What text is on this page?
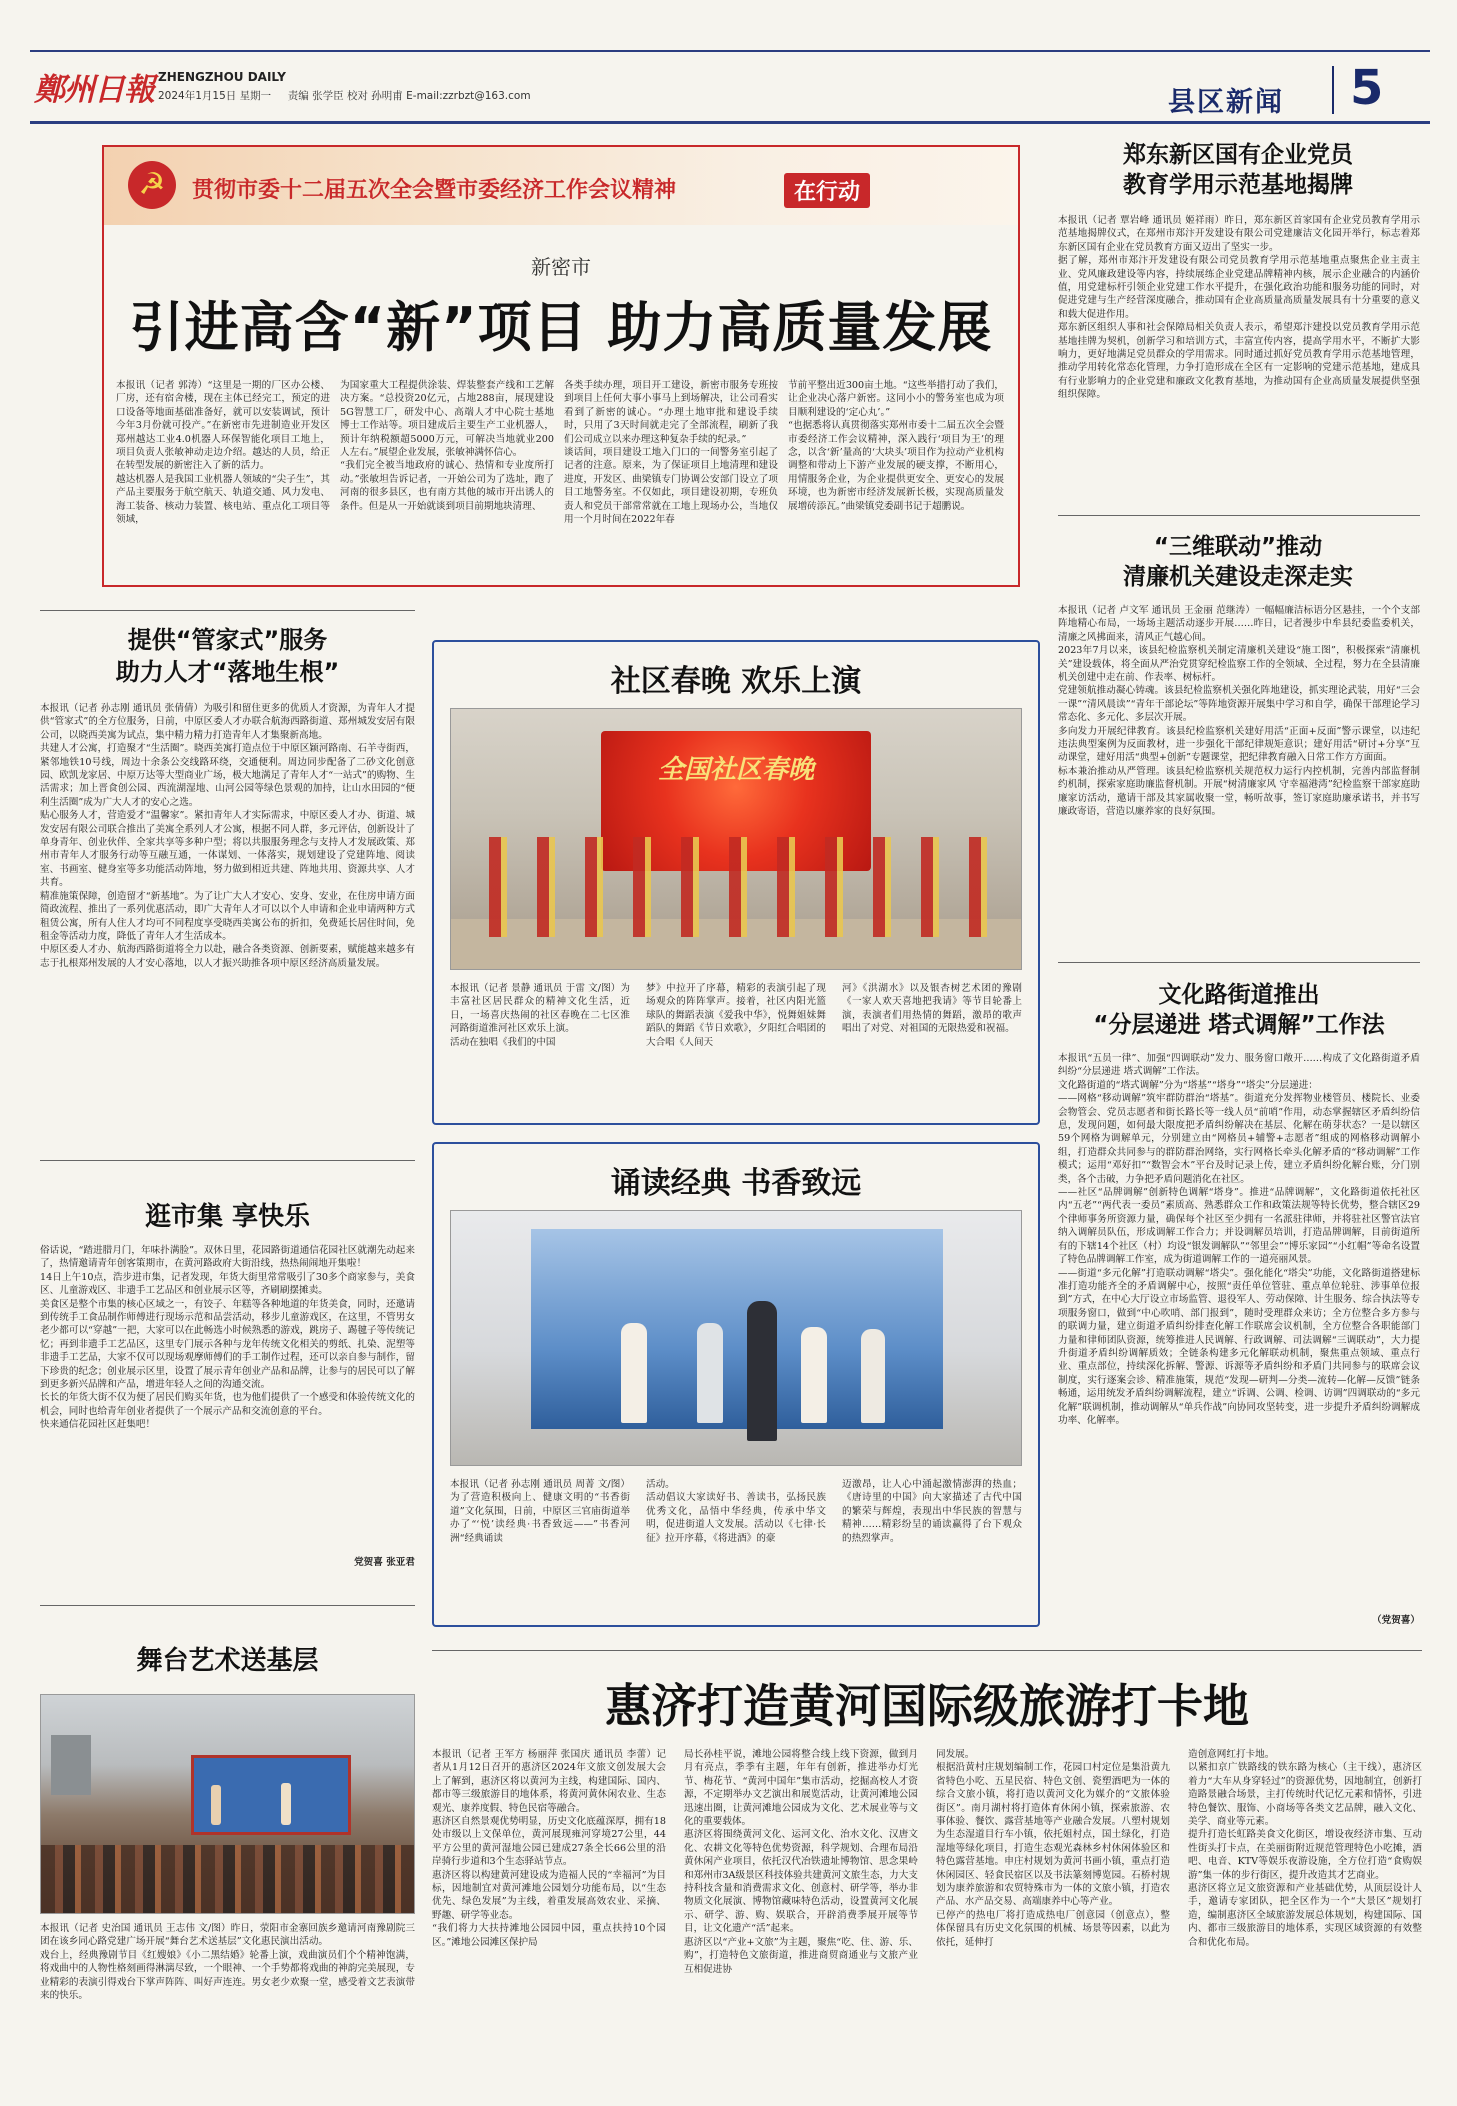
鄭州日報 ZHENGZHOU DAILY
2024年1月15日 星期一 责编 张学臣 校对 孙明甫 E-mail:zzrbzt@163.com	县区新闻 5
☭	贯彻市委十二届五次全会暨市委经济工作会议精神	在行动
新密市
引进高含“新”项目 助力高质量发展
本报讯（记者 郭涛）“这里是一期的厂区办公楼、厂房，还有宿舍楼，现在主体已经完工，预定的进口设备等地面基础准备好，就可以安装调试，预计今年3月份就可投产。”在新密市先进制造业开发区郑州越达工业4.0机器人环保智能化项目工地上，项目负责人张敏神动走边介绍。越达的人员，给正在转型发展的新密注入了新的活力。
越达机器人是我国工业机器人领域的“尖子生”，其产品主要服务于航空航天、轨道交通、风力发电、海工装备、核动力装置、核电站、重点化工项目等领域，
为国家重大工程提供涂装、焊装整套产线和工艺解决方案。“总投资20亿元，占地288亩，展现建设5G智慧工厂，研发中心、高端人才中心院士基地博士工作站等。项目建成后主要生产工业机器人，预计年纳税额超5000万元，可解决当地就业200人左右。”展望企业发展，张敏神满怀信心。
“我们完全被当地政府的诚心、热情和专业度所打动。”张敏坦告诉记者，一开始公司为了选址，跑了河南的很多县区，也有南方其他的城市开出诱人的条件。但是从一开始就谈到项目前期地块清理、
各类手续办理，项目开工建设，新密市服务专班按到项目上任何大事小事马上到场解决，让公司看实看到了新密的诚心。“办理土地审批和建设手续时，只用了3天时间就走完了全部流程，刷新了我们公司成立以来办理这种复杂手续的纪录。”
谈话间，项目建设工地入门口的一间警务室引起了记者的注意。原来，为了保证项目上地清理和建设进度，开发区、曲梁镇专门协调公安部门设立了项目工地警务室。不仅如此，项目建设初期，专班负责人和党员干部常常就在工地上现场办公，当地仅用一个月时间在2022年春
节前平整出近300亩土地。“这些举措打动了我们，让企业决心落户新密。这同小小的警务室也成为项目顺利建设的‘定心丸’。”
“也据悉将认真贯彻落实郑州市委十二届五次全会暨市委经济工作会议精神，深入践行‘项目为王’的理念，以含‘新’量高的‘大块头’项目作为拉动产业机构调整和带动上下游产业发展的硬支撑，不断用心，用情服务企业，为企业提供更安全、更安心的发展环境，也为新密市经济发展新长极，实现高质量发展增砖添瓦。”曲梁镇党委副书记于超鹏说。
郑东新区国有企业党员
教育学用示范基地揭牌
本报讯（记者 覃岩峰 通讯员 姬祥雨）昨日，郑东新区首家国有企业党员教育学用示范基地揭牌仪式，在郑州市郑汴开发建设有限公司党建廉洁文化园开举行，标志着郑东新区国有企业在党员教育方面又迈出了坚实一步。
据了解，郑州市郑汴开发建设有限公司党员教育学用示范基地重点聚焦企业主责主业、党风廉政建设等内容，持续展练企业党建品牌精神内核，展示企业融合的内涵价值，用党建标杆引领企业党建工作水平提升，在强化政治功能和服务功能的同时，对促进党建与生产经营深度融合，推动国有企业高质量高质量发展具有十分重要的意义和载大促进作用。
郑东新区组织人事和社会保障局相关负责人表示，希望郑汴建投以党员教育学用示范基地挂牌为契机，创新学习和培训方式，丰富宣传内容，提高学用水平，不断扩大影响力，更好地满足党员群众的学用需求。同时通过抓好党员教育学用示范基地管理，推动学用转化常态化管理，力争打造形成在全区有一定影响的党建示范基地，建成具有行业影响力的企业党建和廉政文化教育基地，为推动国有企业高质量发展提供坚强组织保障。
“三维联动”推动
清廉机关建设走深走实
本报讯（记者 卢文军 通讯员 王金丽 范继涛）一幅幅廉洁标语分区悬挂，一个个支部阵地精心布局，一场场主题活动逐步开展……昨日，记者漫步中牟县纪委监委机关，清廉之风拂面来，清风正气越心间。
2023年7月以来，该县纪检监察机关制定清廉机关建设“施工图”，积极探索“清廉机关”建设载体，将全面从严治党贯穿纪检监察工作的全领域、全过程，努力在全县清廉机关创建中走在前、作表率、树标杆。
党建领航推动凝心铸魂。该县纪检监察机关强化阵地建设，抓实理论武装，用好“三会一课”“清风晨读”“青年干部论坛”等阵地资源开展集中学习和自学，确保干部理论学习常态化、多元化、多层次开展。
多向发力开展纪律教育。该县纪检监察机关建好用活“正面+反面”警示课堂，以违纪违法典型案例为反面教材，进一步强化干部纪律规矩意识；建好用活“研讨+分享”互动课堂，建好用活“典型+创新”专题课堂，把纪律教育融入日常工作方方面面。
标本兼治推动从严管理。该县纪检监察机关规范权力运行内控机制，完善内部监督制约机制，探索家庭助廉监督机制。开展“树清廉家风 守幸福港湾”纪检监察干部家庭助廉家访活动，邀请干部及其家属收聚一堂，畅听故事，签订家庭助廉承诺书，并书写廉政寄语，营造以廉养家的良好氛围。
文化路街道推出
“分层递进 塔式调解”工作法
本报讯“五员一律”、加强“四调联动”发力、服务窗口敞开……构成了文化路街道矛盾纠纷“分层递进 塔式调解”工作法。
文化路街道的“塔式调解”分为“塔基”“塔身”“塔尖”分层递进：
——网格“移动调解”筑牢群防群治“塔基”。街道充分发挥物业楼管员、楼院长、业委会物管会、党员志愿者和街长路长等一线人员“前哨”作用，动态掌握辖区矛盾纠纷信息，发现问题，如何最大限度把矛盾纠纷解决在基层、化解在萌芽状态？一是以辖区59个网格为调解单元，分别建立由“网格员+辅警+志愿者”组成的网格移动调解小组，打造群众共同参与的群防群治网络，实行网格长牵头化解矛盾的“移动调解”工作模式；运用“邓好扣”“数智会木”平台及时记录上传，建立矛盾纠纷化解台账，分门别类，各个击破，力争把矛盾问题消化在社区。
——社区“品牌调解”创新特色调解“塔身”。推进“品牌调解”，文化路街道依托社区内“五老”“两代表一委员”素质高、熟悉群众工作和政策法规等特长优势，整合辖区29个律师事务所资源力量，确保每个社区至少拥有一名派驻律师，并将驻社区警官法官纳入调解员队伍，形成调解工作合力；并设调解员培训，打造品牌调解，目前街道所有的下辖14个社区（村）均设“银发调解队”“邻里会”“博乐家园”“小红帽”等命名设置了特色品牌调解工作室，成为街道调解工作的一道亮丽风景。
——街道“多元化解”打造联动调解“塔尖”。强化能化“塔尖”功能，文化路街道搭建标准打造功能齐全的矛盾调解中心，按照“责任单位管驻、重点单位轮驻、涉事单位报到”方式，在中心大厅设立市场监管、退役军人、劳动保障、计生服务、综合执法等专项服务窗口，做到“中心吹哨、部门报到”，随时受理群众来访；全方位整合多方参与的联调力量，建立街道矛盾纠纷排查化解工作联席会议机制，全方位整合各职能部门力量和律师团队资源，统筹推进人民调解、行政调解、司法调解“三调联动”，大力提升街道矛盾纠纷调解质效；全链条构建多元化解联动机制，聚焦重点领域、重点行业、重点部位，持续深化拆解、警源、诉源等矛盾纠纷和矛盾门共同参与的联席会议制度，实行逐案会诊、精准施策，规范“发现—研判—分类—流转—化解—反馈”链条畅通，运用统发矛盾纠纷调解流程，建立“诉调、公调、检调、访调”四调联动的“多元化解”联调机制，推动调解从“单兵作战”向协同攻坚转变，进一步提升矛盾纠纷调解成功率、化解率。
（党贺喜）
提供“管家式”服务
助力人才“落地生根”
本报讯（记者 孙志刚 通讯员 张倩倩）为吸引和留住更多的优质人才资源，为青年人才提供“管家式”的全方位服务，日前，中原区委人才办联合航海西路街道、郑州城发安居有限公司，以晓西美寓为试点，集中精力精力打造青年人才集聚新高地。
共建人才公寓，打造聚才“生活圈”。晓西美寓打造点位于中原区颖河路南、石羊寺街西，紧邻地铁10号线，周边十余条公交线路环绕，交通便利。周边同步配备了二砂文化创意园、欧凯龙家居、中原万达等大型商业广场，极大地满足了青年人才“一站式”的购物、生活需求；加上晋食创公园、西流湖湿地、山河公园等绿色景观的加持，让山水田园的“便利生活圈”成为广大人才的安心之选。
贴心服务人才，营造爱才“温馨家”。紧扣青年人才实际需求，中原区委人才办、街道、城发安居有限公司联合推出了美寓全系列人才公寓，根据不同人群，多元评估，创新设计了单身青年、创业伙伴、全家共享等多种户型；将以共服服务理念与支持人才发展政策、郑州市青年人才服务行动等互融互通，一体谋划、一体落实，规划建设了党建阵地、阅读室、书画室、健身室等多功能活动阵地，努力做到相近共建、阵地共用、资源共享、人才共育。
精准施策保障，创造留才“新基地”。为了让广大人才安心、安身、安业，在住房申请方面简政流程、推出了一系列优惠活动，即广大青年人才可以以个人申请和企业申请两种方式租赁公寓，所有人住人才均可不同程度享受晓西美寓公布的折扣，免费延长居住时间，免租金等活动力度，降低了青年人才生活成本。
中原区委人才办、航海西路街道将全力以赴，融合各类资源、创新要素，赋能越来越多有志于扎根郑州发展的人才安心落地，以人才振兴助推各项中原区经济高质量发展。
逛市集 享快乐
俗话说，“踏进腊月门，年味扑满脸”。双休日里，花园路街道通信花园社区就潮先动起来了，热情邀请青年创客策期市，在黄河路政府大街沿线，热热闹闹地开集啦！
14日上午10点，浩步进市集，记者发现，年货大街里常常吸引了30多个商家参与，美食区、儿童游戏区、非遗手工艺品区和创业展示区等，齐刷刷摆摊卖。
美食区是整个市集的核心区域之一，有饺子、年糕等各种地道的年货美食，同时，还邀请到传统手工食品制作师傅进行现场示范和品尝活动，移步儿童游戏区，在这里，不管男女老少都可以“穿越”一把，大家可以在此畅选小时候熟悉的游戏，跳房子、踢毽子等传统记忆；再到非遗手工艺品区，这里专门展示各种与龙年传统文化相关的剪纸、扎染、泥塑等非遗手工艺品，大家不仅可以现场观摩师傅们的手工制作过程，还可以亲自参与制作，留下珍贵的纪念；创业展示区里，设置了展示青年创业产品和品牌，让参与的居民可以了解到更多新兴品牌和产品，增进年轻人之间的沟通交流。
长长的年货大街不仅为便了居民们购买年货，也为他们提供了一个感受和体验传统文化的机会，同时也给青年创业者提供了一个展示产品和交流创意的平台。
快来通信花园社区赶集吧！
党贺喜 张亚君
舞台艺术送基层
本报讯（记者 史治国 通讯员 王志伟 文/图）昨日，荥阳市金寨回族乡邀请河南豫剧院三团在该乡同心路党建广场开展“舞台艺术送基层”文化惠民演出活动。
戏台上，经典豫剧节目《红嫂娘》《小二黑结婚》轮番上演，戏曲演员们个个精神饱满，将戏曲中的人物性格刻画得淋漓尽致，一个眼神、一个手势都将戏曲的神韵完美展现，专业精彩的表演引得戏台下掌声阵阵、叫好声连连。男女老少欢聚一堂，感受着文艺表演带来的快乐。
社区春晚 欢乐上演
全国社区春晚
本报讯（记者 景静 通讯员 于雷 文/图）为丰富社区居民群众的精神文化生活，近日，一场喜庆热闹的社区春晚在二七区淮河路街道淮河社区欢乐上演。
活动在独唱《我们的中国
梦》中拉开了序幕，精彩的表演引起了现场观众的阵阵掌声。接着，社区内阳光篮球队的舞蹈表演《爱我中华》，悦舞姐妹舞蹈队的舞蹈《节日欢歌》，夕阳红合唱团的大合唱《人间天
河》《洪湖水》以及银杏树艺术团的豫剧《一家人欢天喜地把我请》等节目轮番上演，表演者们用热情的舞蹈，激昂的歌声唱出了对党、对祖国的无限热爱和祝福。
诵读经典 书香致远
本报讯（记者 孙志刚 通讯员 周菁 文/图）为了营造积极向上、健康文明的“书香街道”文化氛围，日前，中原区三官庙街道举办了“‘悦’读经典·书香致远——”书香河洲“经典诵读
活动。
活动倡议大家读好书、善读书，弘扬民族优秀文化，品悟中华经典，传承中华文明，促进街道人文发展。活动以《七律·长征》拉开序幕，《将进酒》的豪
迈激昂，让人心中涌起激情澎湃的热血；《唐诗里的中国》向大家描述了古代中国的繁荣与辉煌，表现出中华民族的智慧与精神……精彩纷呈的诵读赢得了台下观众的热烈掌声。
惠济打造黄河国际级旅游打卡地
本报讯（记者 王军方 杨丽萍 张国庆 通讯员 李蕾）记者从1月12日召开的惠济区2024年文旅文创发展大会上了解到，惠济区将以黄河为主线，构建国际、国内、都市等三级旅游目的地体系，将黄河黄休闲农业、生态观光、康养度假、特色民宿等融合。
惠济区自然景观优势明显，历史文化底蕴深厚，拥有18处市级以上文保单位，黄河展现雍河穿境27公里，44平方公里的黄河湿地公园已建成27条全长66公里的沿岸骑行步道和3个生态驿站节点。
惠济区将以构建黄河建设成为造福人民的“幸福河”为目标，因地制宜对黄河滩地公园划分功能布局，以“生态优先、绿色发展”为主线，着重发展高效农业、采摘、野趣、研学等业态。
“我们将力大扶持滩地公园园中园，重点扶持10个园区。”滩地公园滩区保护局
局长孙桂平说，滩地公园将整合线上线下资源，做到月月有亮点，季季有主题，年年有创新，推进举办灯光节、梅花节、“黄河中国年”集市活动，挖掘高校人才资源，不定期举办文艺演出和展览活动，让黄河滩地公园迅速出圈，让黄河滩地公园成为文化、艺术展业等与文化的重要载体。
惠济区将围绕黄河文化、运河文化、治水文化、汉唐文化、农耕文化等特色优势资源，科学规划、合理布局沿黄休闲产业项目，依托汉代冶铁遗址博物馆、思念果岭和郑州市3A级景区科技体验共建黄河文旅生态，力大支持科技含量和消费需求文化、创意村、研学等，举办非物质文化展演、博物馆藏味特色活动，设置黄河文化展示、研学、游、购、娱联合，开辟消费季展开展等节目，让文化遗产“活”起来。
惠济区以“产业+文旅”为主题，聚焦“吃、住、游、乐、购”，打造特色文旅街道，推进商贸商通业与文旅产业互相促进协
同发展。
根据沿黄村庄规划编制工作，花园口村定位是集沿黄九省特色小吃、五星民宿、特色文创、瓷塑酒吧为一体的综合文旅小镇，将打造以黄河文化为媒介的“文旅体验街区”。南月湖村将打造体育休闲小镇，探索旅游、农事体验、餐饮、露营基地等产业融合发展。八塑村规划为生态湿道目行车小镇，依托姐村点，国土绿化，打造湿地等绿化项目，打造生态观光森林乡村休闲体验区和特色露营基地。申庄村规划为黄河书画小镇，重点打造休闲园区、轻食民宿区以及书法篆刻博览园。石桥村规划为康养旅游和农贸特殊市为一体的文旅小镇，打造农产品、水产品交易、高端康养中心等产业。
已停产的热电厂将打造成热电厂创意园（创意点），整体保留具有历史文化氛围的机械、场景等因素，以此为依托，延伸打
造创意网红打卡地。
以紧扣京广铁路线的铁东路为核心（主干线），惠济区着力“大车从身穿轻过”的资源优势，因地制宜，创新打造路景融合场景，主打传统时代记忆元素和情怀，引进特色餐饮、服饰、小商场等各类文艺品牌，融入文化、美学、商业等元素。
提升打造长虹路美食文化街区，增设夜经济市集、互动性街头打卡点，在美丽街附近规范管理特色小吃摊，酒吧、电音、KTV等娱乐夜游设施，全方位打造“食购娱游”集一体的步行街区，提升改造其才艺商业。
惠济区将立足文旅资源和产业基础优势，从顶层设计人手，邀请专家团队，把全区作为一个“大景区”规划打造，编制惠济区全域旅游发展总体规划，构建国际、国内、都市三级旅游目的地体系，实现区域资源的有效整合和优化布局。
